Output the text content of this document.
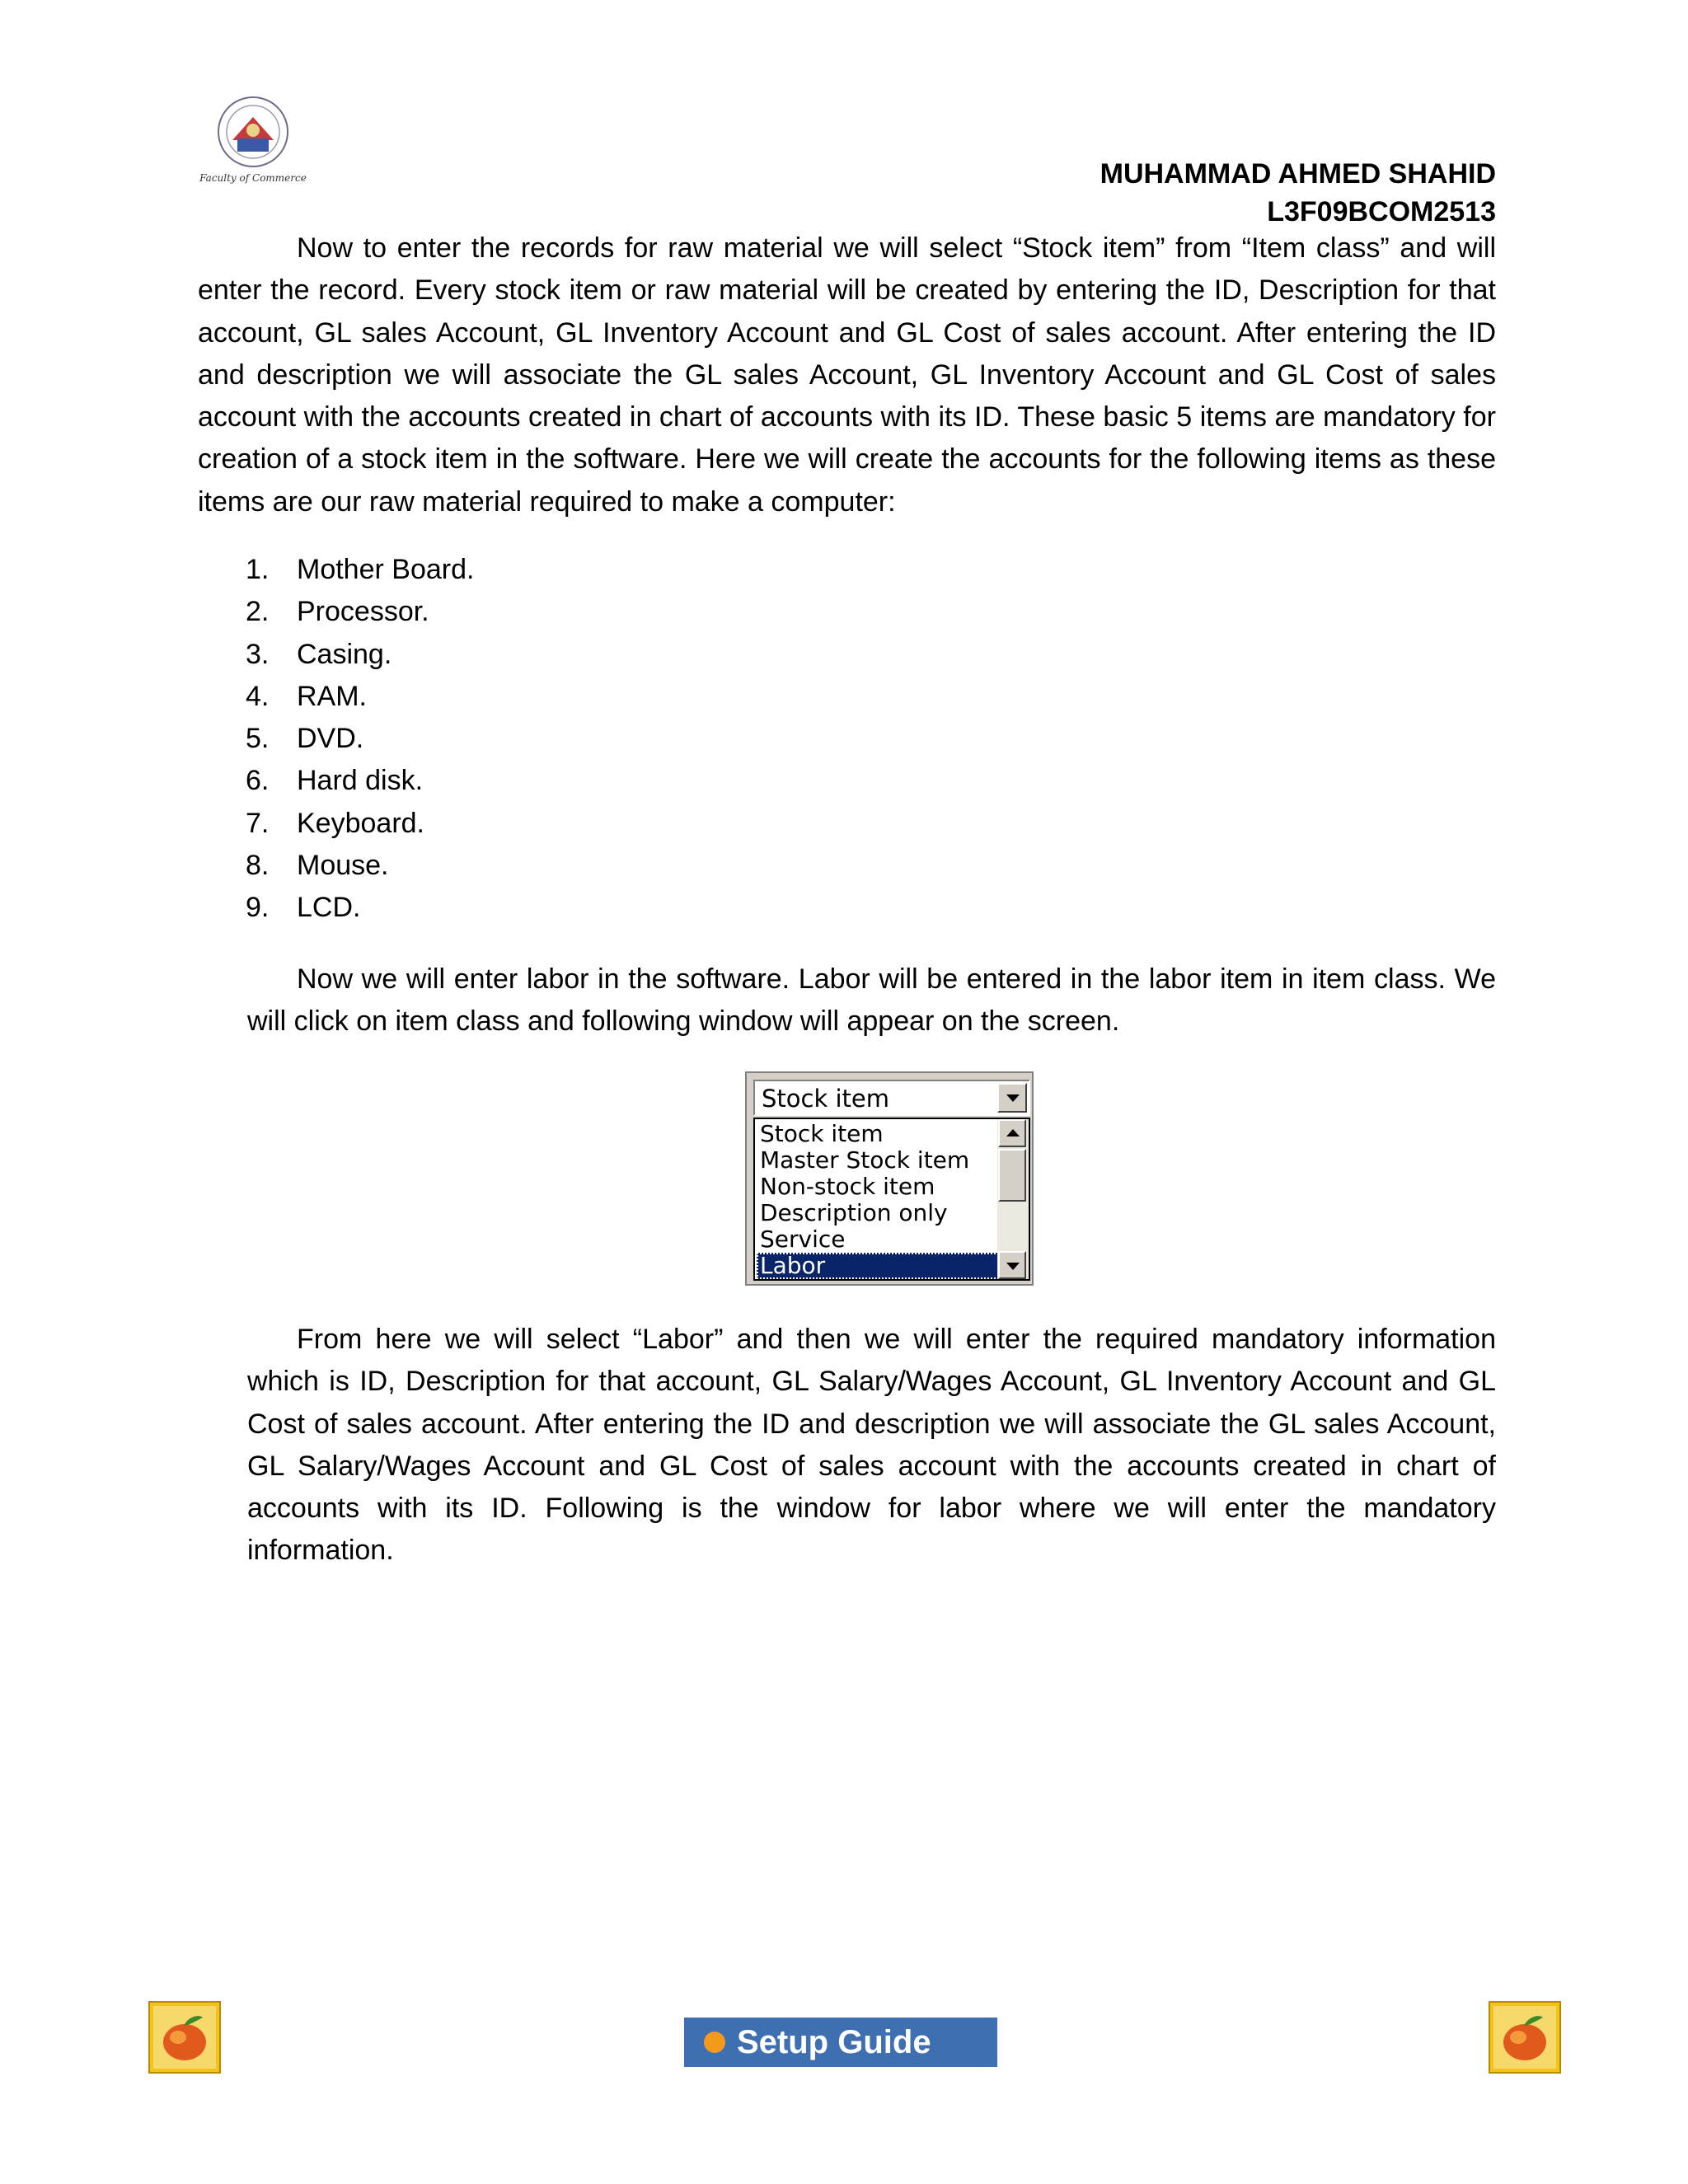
Faculty of Commerce	MUHAMMAD AHMED SHAHID
L3F09BCOM2513
Now to enter the records for raw material we will select “Stock item” from “Item class” and will enter the record. Every stock item or raw material will be created by entering the ID, Description for that account, GL sales Account, GL Inventory Account and GL Cost of sales account. After entering the ID and description we will associate the GL sales Account, GL Inventory Account and GL Cost of sales account with the accounts created in chart of accounts with its ID. These basic 5 items are mandatory for creation of a stock item in the software. Here we will create the accounts for the following items as these items are our raw material required to make a computer:
1. Mother Board.
2. Processor.
3. Casing.
4. RAM.
5. DVD.
6. Hard disk.
7. Keyboard.
8. Mouse.
9. LCD.
Now we will enter labor in the software. Labor will be entered in the labor item in item class. We will click on item class and following window will appear on the screen.
Stock item
Stock item
Master Stock item
Non-stock item
Description only
Service
Labor
From here we will select “Labor” and then we will enter the required mandatory information which is ID, Description for that account, GL Salary/Wages Account, GL Inventory Account and GL Cost of sales account. After entering the ID and description we will associate the GL sales Account, GL Salary/Wages Account and GL Cost of sales account with the accounts created in chart of accounts with its ID. Following is the window for labor where we will enter the mandatory information.
Setup Guide
